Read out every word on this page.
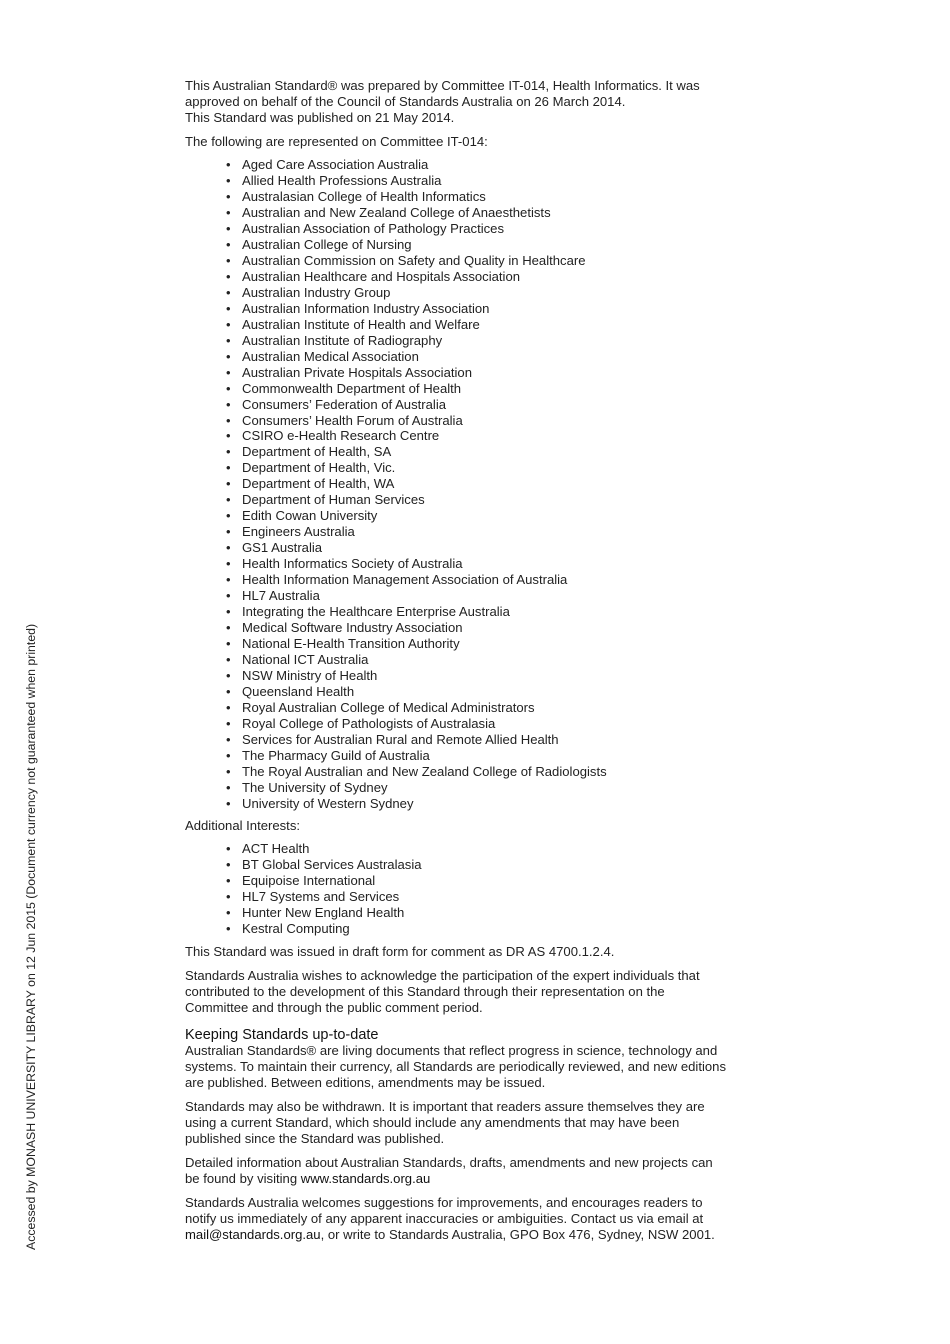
This Australian Standard® was prepared by Committee IT-014, Health Informatics. It was
approved on behalf of the Council of Standards Australia on 26 March 2014.
This Standard was published on 21 May 2014.

The following are represented on Committee IT-014:

• Aged Care Association Australia
• Allied Health Professions Australia
• Australasian College of Health Informatics
• Australian and New Zealand College of Anaesthetists
• Australian Association of Pathology Practices
• Australian College of Nursing
• Australian Commission on Safety and Quality in Healthcare
• Australian Healthcare and Hospitals Association
• Australian Industry Group
• Australian Information Industry Association
• Australian Institute of Health and Welfare
• Australian Institute of Radiography
• Australian Medical Association
• Australian Private Hospitals Association
• Commonwealth Department of Health
• Consumers’ Federation of Australia
• Consumers’ Health Forum of Australia
• CSIRO e-Health Research Centre
• Department of Health, SA
• Department of Health, Vic.
• Department of Health, WA
• Department of Human Services
• Edith Cowan University
• Engineers Australia
• GS1 Australia
• Health Informatics Society of Australia
• Health Information Management Association of Australia
• HL7 Australia
• Integrating the Healthcare Enterprise Australia
• Medical Software Industry Association
• National E-Health Transition Authority
• National ICT Australia
• NSW Ministry of Health
• Queensland Health
• Royal Australian College of Medical Administrators
• Royal College of Pathologists of Australasia
• Services for Australian Rural and Remote Allied Health
• The Pharmacy Guild of Australia
• The Royal Australian and New Zealand College of Radiologists
• The University of Sydney
• University of Western Sydney

Additional Interests:

• ACT Health
• BT Global Services Australasia
• Equipoise International
• HL7 Systems and Services
• Hunter New England Health
• Kestral Computing

This Standard was issued in draft form for comment as DR AS 4700.1.2.4.

Standards Australia wishes to acknowledge the participation of the expert individuals that
contributed to the development of this Standard through their representation on the
Committee and through the public comment period.
Keeping Standards up-to-date
Australian Standards® are living documents that reflect progress in science, technology and
systems. To maintain their currency, all Standards are periodically reviewed, and new editions
are published. Between editions, amendments may be issued.
Standards may also be withdrawn. It is important that readers assure themselves they are
using a current Standard, which should include any amendments that may have been
published since the Standard was published.
Detailed information about Australian Standards, drafts, amendments and new projects can
be found by visiting www.standards.org.au
Standards Australia welcomes suggestions for improvements, and encourages readers to
notify us immediately of any apparent inaccuracies or ambiguities. Contact us via email at
mail@standards.org.au, or write to Standards Australia, GPO Box 476, Sydney, NSW 2001.
Accessed by MONASH UNIVERSITY LIBRARY on 12 Jun 2015 (Document currency not guaranteed when printed)
